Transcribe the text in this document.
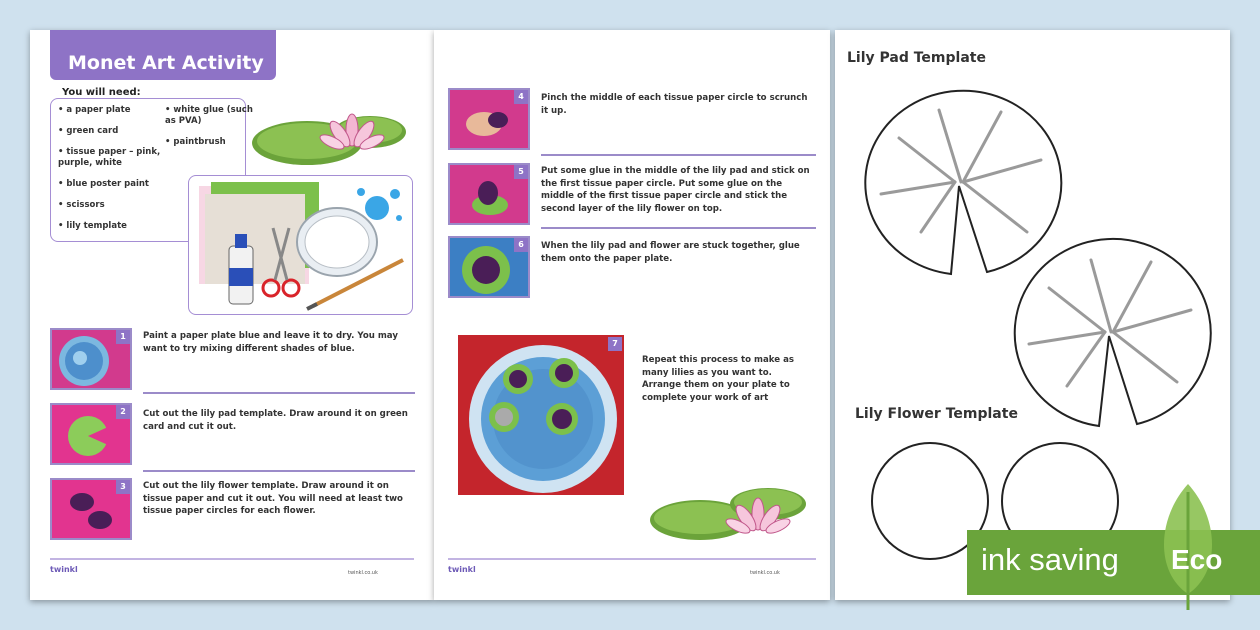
Monet Art Activity
You will need:
• a paper plate
• green card
• tissue paper – pink, purple, white
• blue poster paint
• scissors
• lily template
• white glue (such as PVA)
• paintbrush
1	Paint a paper plate blue and leave it to dry. You may want to try mixing different shades of blue.
2	Cut out the lily pad template. Draw around it on green card and cut it out.
3	Cut out the lily flower template. Draw around it on tissue paper and cut it out. You will need at least two tissue paper circles for each flower.
twinkl	twinkl.co.uk
4	Pinch the middle of each tissue paper circle to scrunch it up.
5	Put some glue in the middle of the lily pad and stick on the first tissue paper circle. Put some glue on the middle of the first tissue paper circle and stick the second layer of the lily flower on top.
6	When the lily pad and flower are stuck together, glue them onto the paper plate.
7
Repeat this process to make as many lilies as you want to. Arrange them on your plate to complete your work of art
twinkl	twinkl.co.uk
Lily Pad Template
Lily Flower Template
ink saving Eco
